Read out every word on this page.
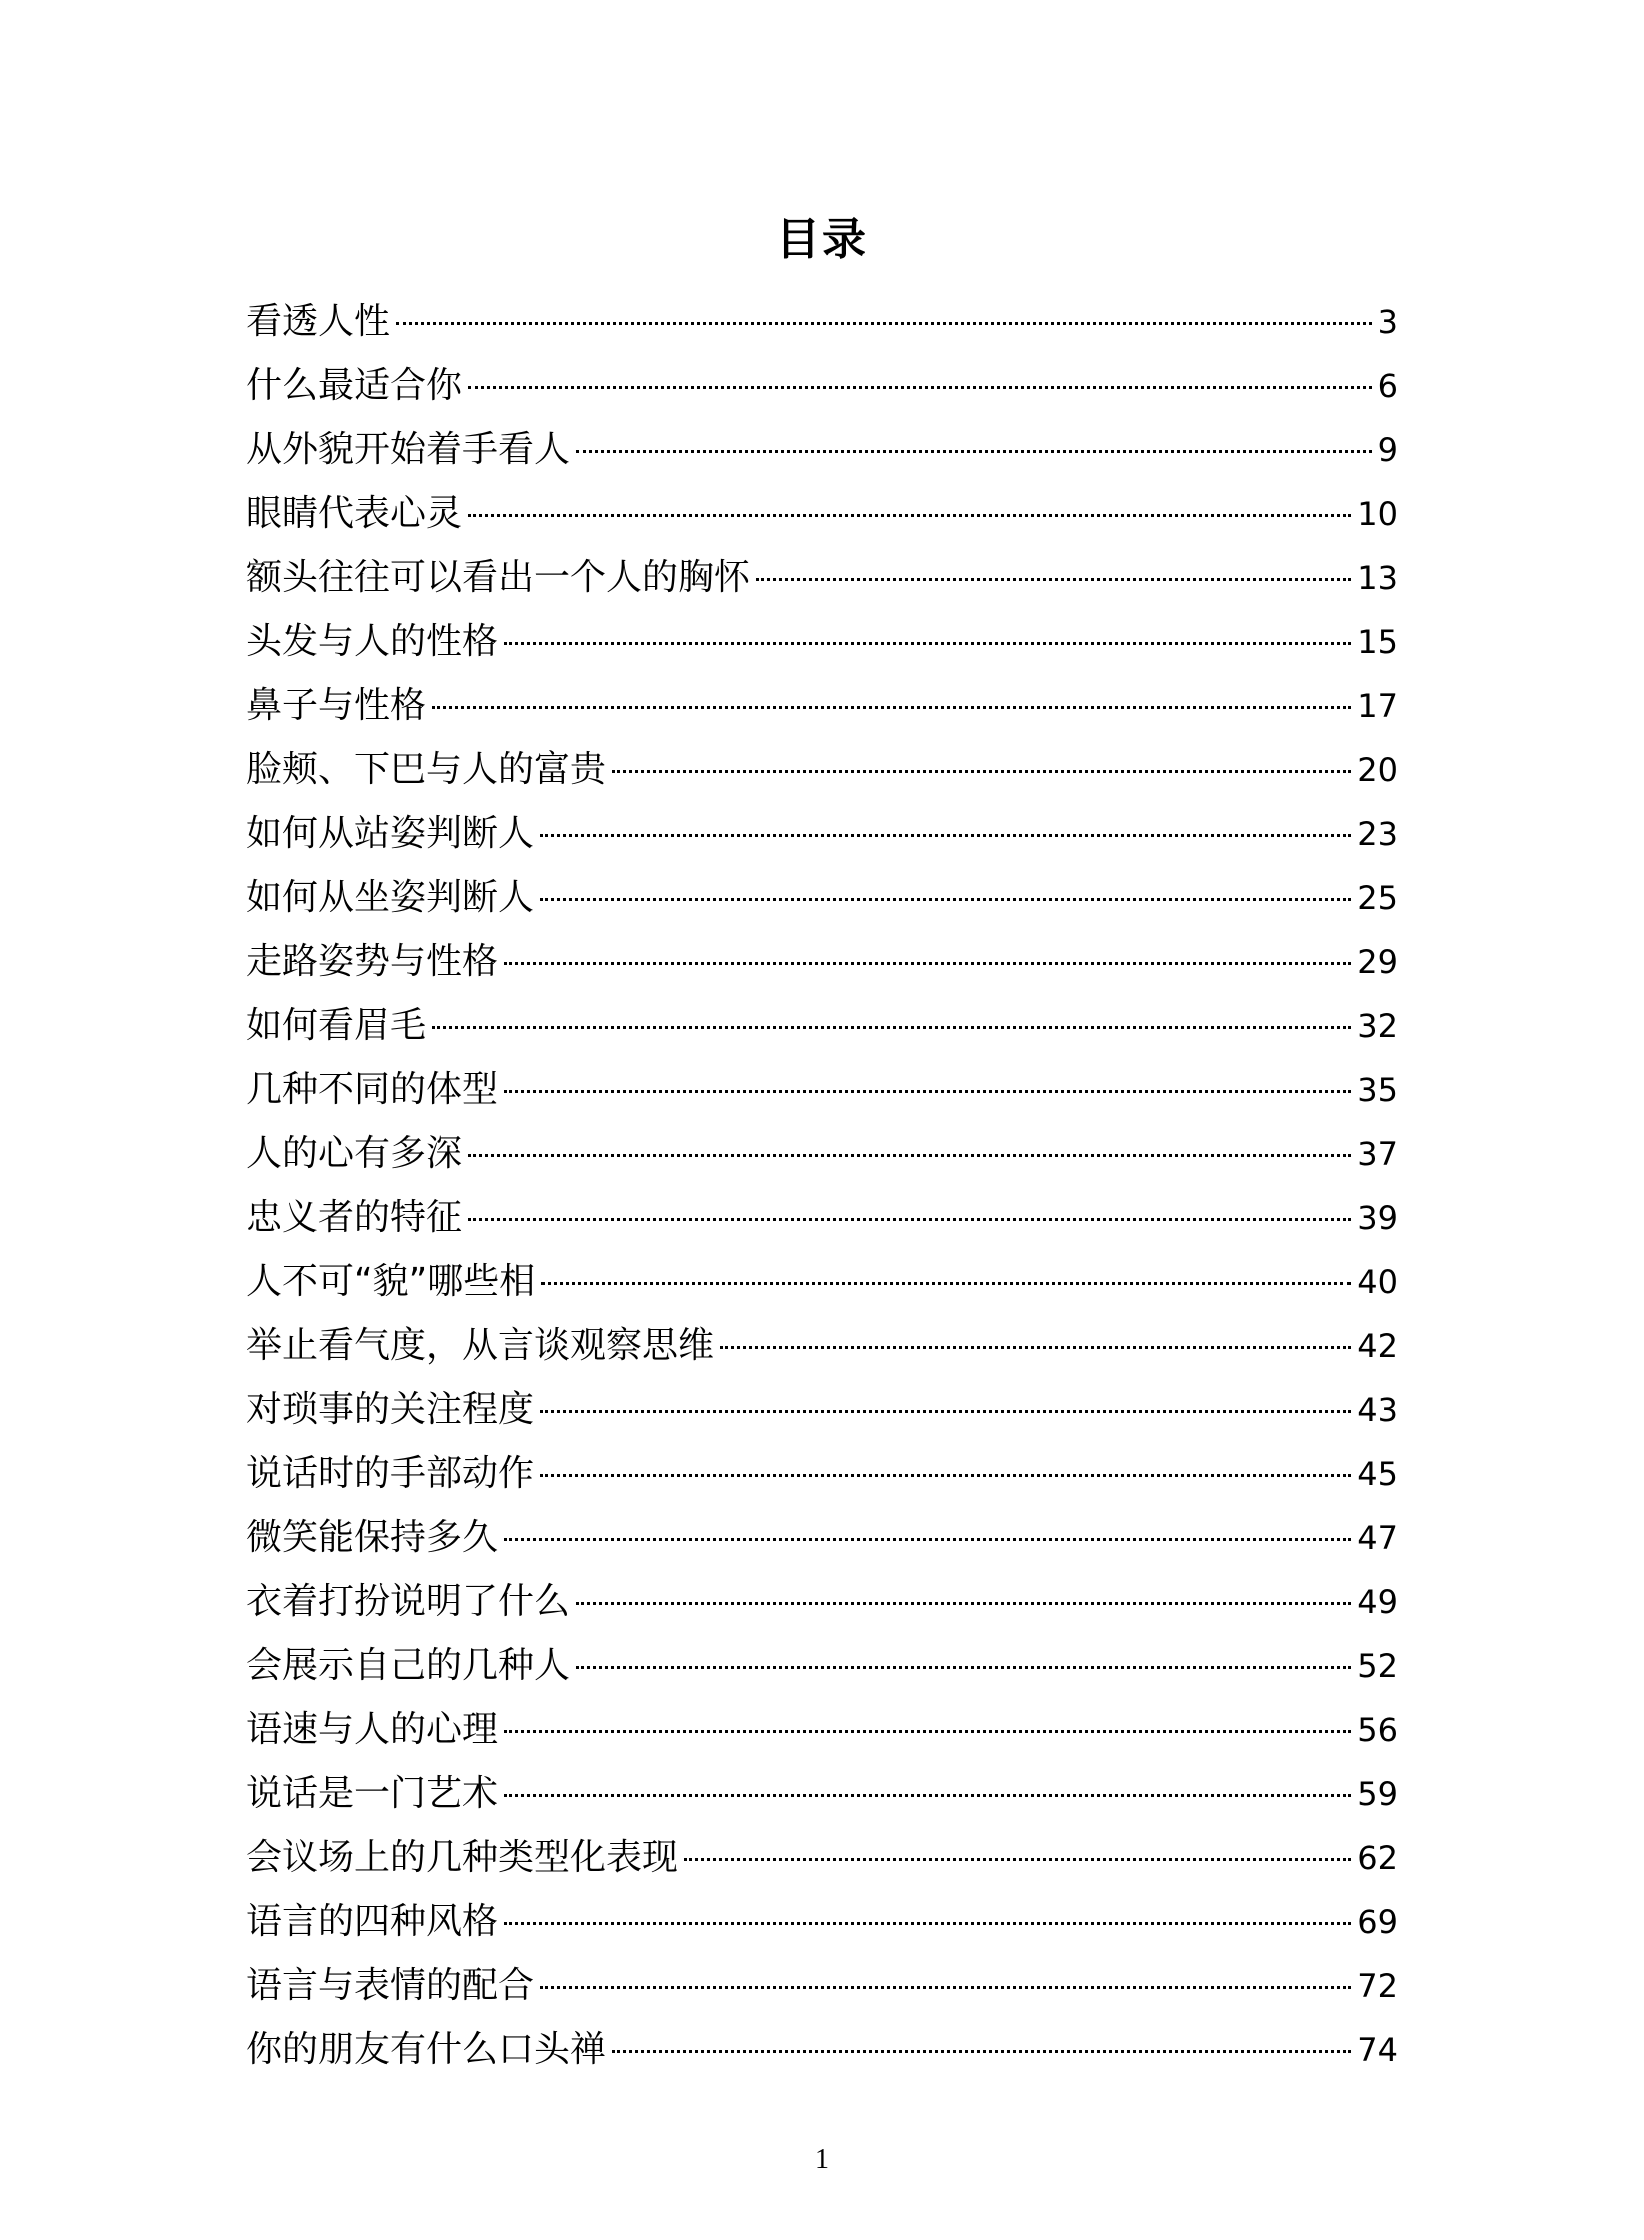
目录
看透人性	3
什么最适合你	6
从外貌开始着手看人	9
眼睛代表心灵	10
额头往往可以看出一个人的胸怀	13
头发与人的性格	15
鼻子与性格	17
脸颊、下巴与人的富贵	20
如何从站姿判断人	23
如何从坐姿判断人	25
走路姿势与性格	29
如何看眉毛	32
几种不同的体型	35
人的心有多深	37
忠义者的特征	39
人不可“貌”哪些相	40
举止看气度，从言谈观察思维	42
对琐事的关注程度	43
说话时的手部动作	45
微笑能保持多久	47
衣着打扮说明了什么	49
会展示自己的几种人	52
语速与人的心理	56
说话是一门艺术	59
会议场上的几种类型化表现	62
语言的四种风格	69
语言与表情的配合	72
你的朋友有什么口头禅	74
1
